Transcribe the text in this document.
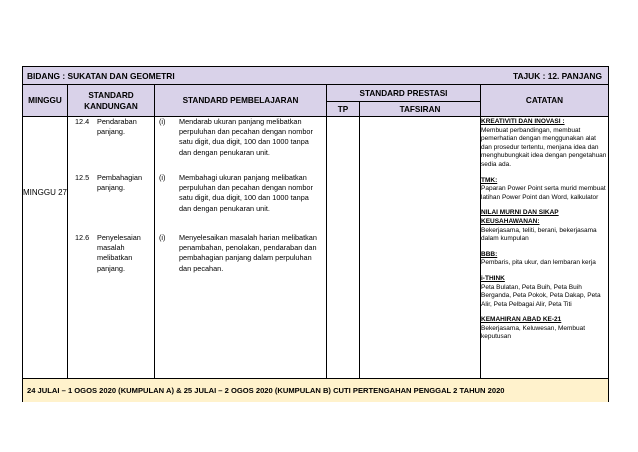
BIDANG : SUKATAN DAN GEOMETRI	TAJUK : 12. PANJANG
MINGGU
STANDARD KANDUNGAN
STANDARD PEMBELAJARAN
STANDARD PRESTASI
TP	TAFSIRAN
CATATAN
MINGGU 27
12.4 Pendaraban panjang.
12.5 Pembahagian panjang.
12.6 Penyelesaian masalah melibatkan panjang.
(i) Mendarab ukuran panjang melibatkan perpuluhan dan pecahan dengan nombor satu digit, dua digit, 100 dan 1000 tanpa dan dengan penukaran unit.
(i) Membahagi ukuran panjang melibatkan perpuluhan dan pecahan dengan nombor satu digit, dua digit, 100 dan 1000 tanpa dan dengan penukaran unit.
(i) Menyelesaikan masalah harian melibatkan penambahan, penolakan, pendaraban dan pembahagian panjang dalam perpuluhan dan pecahan.
KREATIVITI DAN INOVASI :
Membuat perbandingan, membuat pemerhatian dengan menggunakan alat dan prosedur tertentu, menjana idea dan menghubungkait idea dengan pengetahuan sedia ada.
TMK:
Paparan Power Point serta murid membuat latihan Power Point dan Word, kalkulator
NILAI MURNI DAN SIKAP KEUSAHAWANAN:
Bekerjasama, teliti, berani, bekerjasama dalam kumpulan
BBB:
Pembaris, pita ukur, dan lembaran kerja
i-THINK
Peta Bulatan, Peta Buih, Peta Buih Berganda, Peta Pokok, Peta Dakap, Peta Alir, Peta Pelbagai Alir, Peta Titi
KEMAHIRAN ABAD KE-21
Bekerjasama, Keluwesan, Membuat keputusan
24 JULAI – 1 OGOS 2020 (KUMPULAN A) & 25 JULAI – 2 OGOS 2020 (KUMPULAN B) CUTI PERTENGAHAN PENGGAL 2 TAHUN 2020
